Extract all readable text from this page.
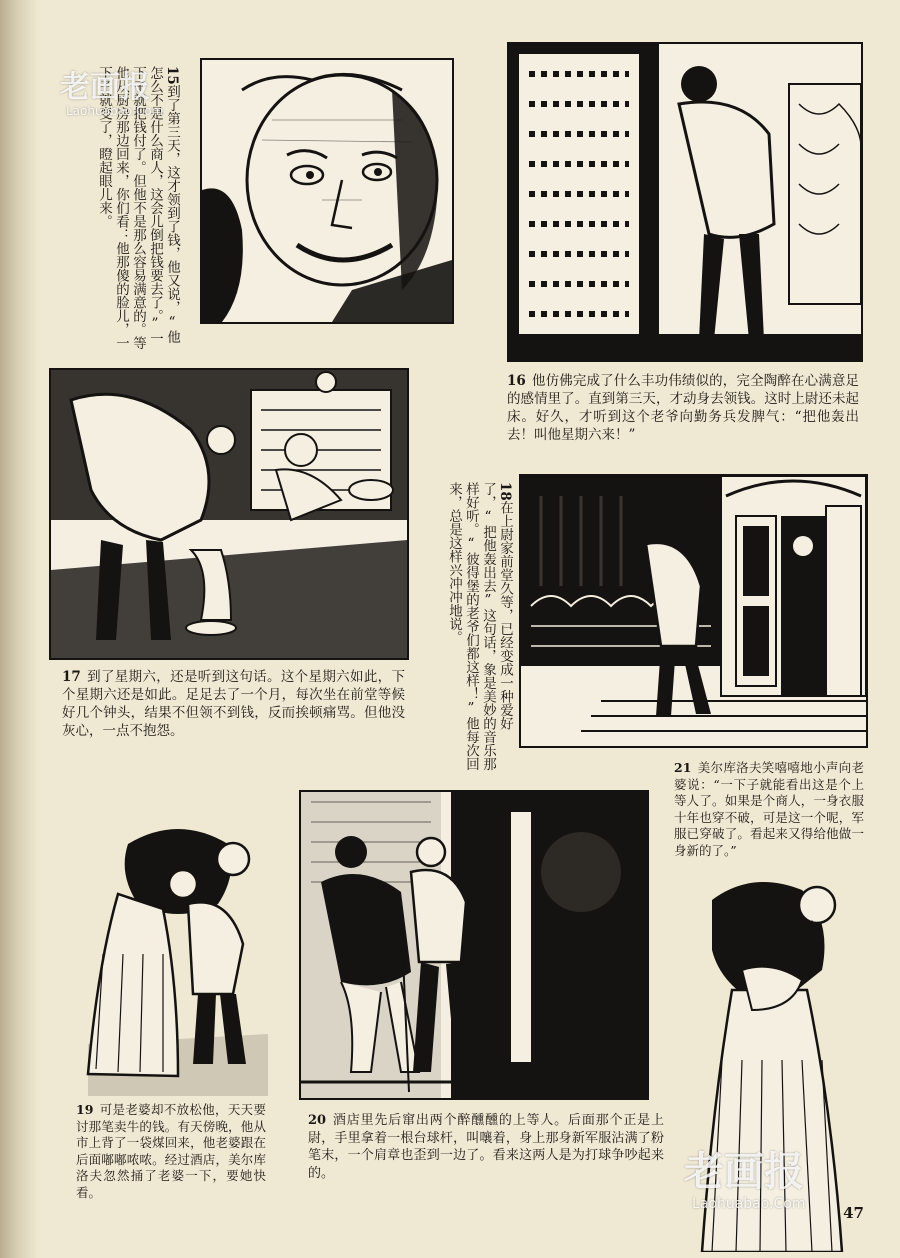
15到了第三天，这才领到了钱，他又说，“他怎么不是什么商人，这会儿倒把钱要去了。”一下子就把钱付了。但他不是那么容易满意的。等他从厨房那边回来，你们看：他那傻的脸儿，一下子就变了，瞪起眼儿来。
16 他仿佛完成了什么丰功伟绩似的，完全陶醉在心满意足的感情里了。直到第三天，才动身去领钱。这时上尉还未起床。好久，才听到这个老爷向勤务兵发脾气：“把他轰出去！叫他星期六来！”
17 到了星期六，还是听到这句话。这个星期六如此，下个星期六还是如此。足足去了一个月，每次坐在前堂等候好几个钟头，结果不但领不到钱，反而挨顿痛骂。但他没灰心，一点不抱怨。
18在上尉家前堂久等，已经变成一种爱好了，“把他轰出去”这句话，象是美妙的音乐那样好听。“彼得堡的老爷们都这样！”他每次回来，总是这样兴冲冲地说。
19 可是老婆却不放松他，天天要讨那笔卖牛的钱。有天傍晚，他从市上背了一袋煤回来，他老婆跟在后面嘟嘟哝哝。经过酒店，美尔库洛夫忽然捅了老婆一下，要她快看。
20 酒店里先后窜出两个醉醺醺的上等人。后面那个正是上尉，手里拿着一根台球杆，叫嚷着，身上那身新军服沾满了粉笔末，一个肩章也歪到一边了。看来这两人是为打球争吵起来的。
21 美尔库洛夫笑嘻嘻地小声向老婆说：“一下子就能看出这是个上等人了。如果是个商人，一身衣服十年也穿不破，可是这一个呢，军服已穿破了。看起来又得给他做一身新的了。”
老画报
Laohuabao.Com
老画报
Laohuabao.Com	47
